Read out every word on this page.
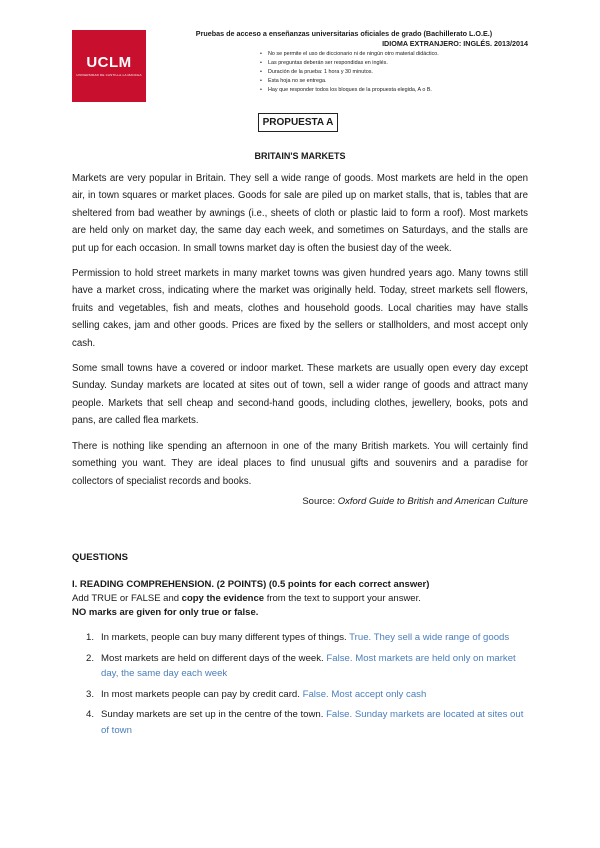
UCLM
UNIVERSIDAD DE CASTILLA-LA MANCHA
Pruebas de acceso a enseñanzas universitarias oficiales de grado (Bachillerato L.O.E.)
IDIOMA EXTRANJERO: INGLÉS. 2013/2014
• No se permite el uso de diccionario ni de ningún otro material didáctico.
• Las preguntas deberán ser respondidas en inglés.
• Duración de la prueba: 1 hora y 30 minutos.
• Esta hoja no se entrega.
• Hay que responder todos los bloques de la propuesta elegida, A o B.
PROPUESTA A
BRITAIN'S MARKETS

Markets are very popular in Britain. They sell a wide range of goods. Most markets are held in the open air, in town squares or market places. Goods for sale are piled up on market stalls, that is, tables that are sheltered from bad weather by awnings (i.e., sheets of cloth or plastic laid to form a roof). Most markets are held only on market day, the same day each week, and sometimes on Saturdays, and the stalls are put up for each occasion. In small towns market day is often the busiest day of the week.

Permission to hold street markets in many market towns was given hundred years ago. Many towns still have a market cross, indicating where the market was originally held. Today, street markets sell flowers, fruits and vegetables, fish and meats, clothes and household goods. Local charities may have stalls selling cakes, jam and other goods. Prices are fixed by the sellers or stallholders, and most accept only cash.

Some small towns have a covered or indoor market. These markets are usually open every day except Sunday. Sunday markets are located at sites out of town, sell a wider range of goods and attract many people. Markets that sell cheap and second-hand goods, including clothes, jewellery, books, pots and pans, are called flea markets.

There is nothing like spending an afternoon in one of the many British markets. You will certainly find something you want. They are ideal places to find unusual gifts and souvenirs and a paradise for collectors of specialist records and books.

Source: Oxford Guide to British and American Culture
QUESTIONS
I. READING COMPREHENSION. (2 POINTS) (0.5 points for each correct answer)
Add TRUE or FALSE and copy the evidence from the text to support your answer.
NO marks are given for only true or false.
1. In markets, people can buy many different types of things. True. They sell a wide range of goods
2. Most markets are held on different days of the week. False. Most markets are held only on market day, the same day each week
3. In most markets people can pay by credit card. False. Most accept only cash
4. Sunday markets are set up in the centre of the town. False. Sunday markets are located at sites out of town
